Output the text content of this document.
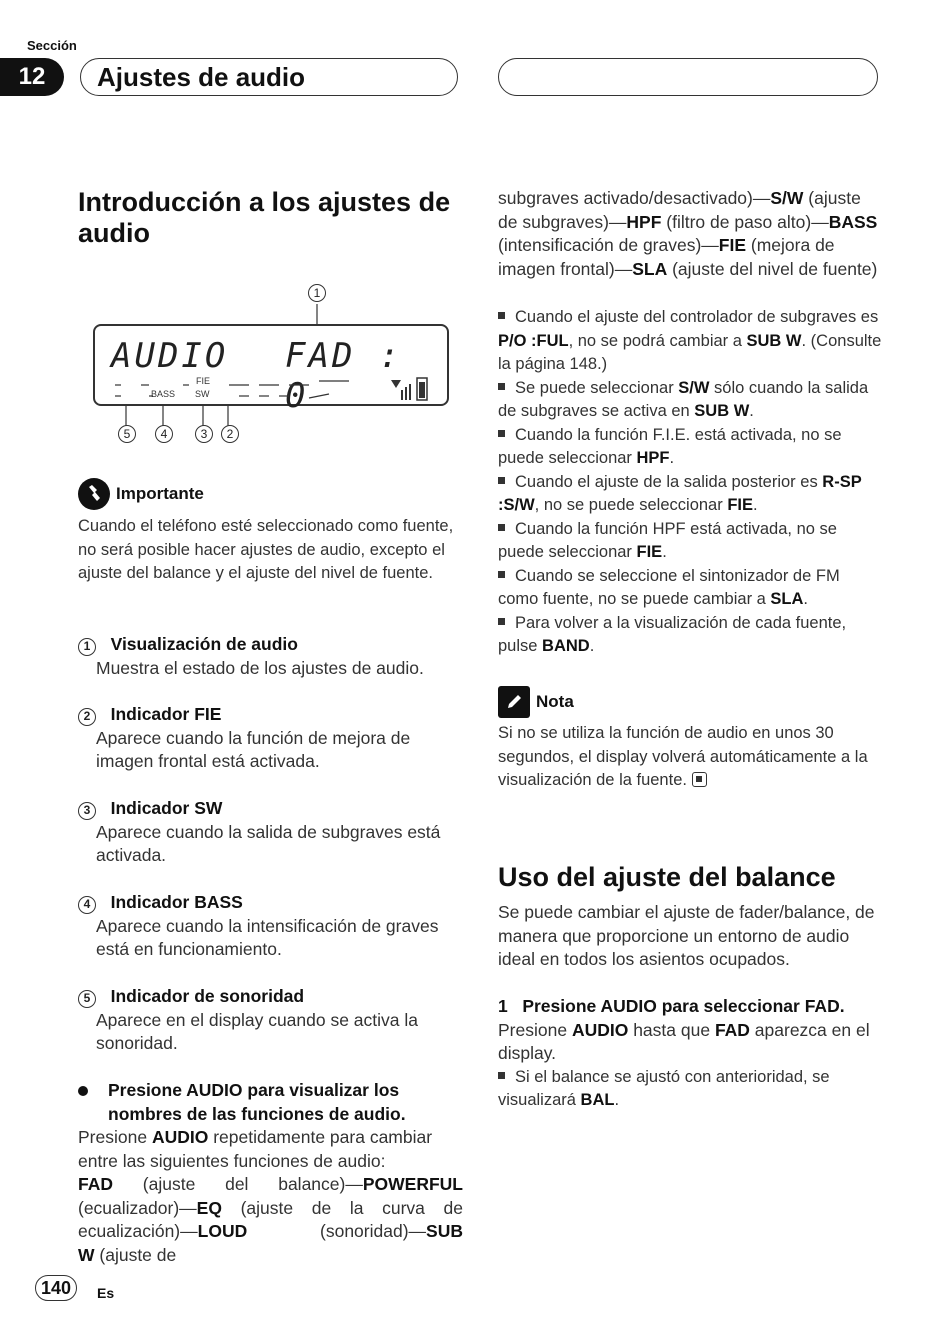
Sección
12	Ajustes de audio
Introducción a los ajustes de audio
1
AUDIO FAD : 0
BASS SW
FIE
5	4	3	2
Importante
Cuando el teléfono esté seleccionado como fuente, no será posible hacer ajustes de audio, excepto el ajuste del balance y el ajuste del nivel de fuente.
1 Visualización de audio
Muestra el estado de los ajustes de audio.
2 Indicador FIE
Aparece cuando la función de mejora de imagen frontal está activada.
3 Indicador SW
Aparece cuando la salida de subgraves está activada.
4 Indicador BASS
Aparece cuando la intensificación de graves está en funcionamiento.
5 Indicador de sonoridad
Aparece en el display cuando se activa la sonoridad.
Presione AUDIO para visualizar los nombres de las funciones de audio.
Presione AUDIO repetidamente para cambiar entre las siguientes funciones de audio:
FAD (ajuste del balance)—POWERFUL (ecualizador)—EQ (ajuste de la curva de ecualización)—LOUD (sonoridad)—SUB W (ajuste de
subgraves activado/desactivado)—S/W (ajuste de subgraves)—HPF (filtro de paso alto)—BASS (intensificación de graves)—FIE (mejora de imagen frontal)—SLA (ajuste del nivel de fuente)
Cuando el ajuste del controlador de subgraves es P/O :FUL, no se podrá cambiar a SUB W. (Consulte la página 148.)
Se puede seleccionar S/W sólo cuando la salida de subgraves se activa en SUB W.
Cuando la función F.I.E. está activada, no se puede seleccionar HPF.
Cuando el ajuste de la salida posterior es R-SP :S/W, no se puede seleccionar FIE.
Cuando la función HPF está activada, no se puede seleccionar FIE.
Cuando se seleccione el sintonizador de FM como fuente, no se puede cambiar a SLA.
Para volver a la visualización de cada fuente, pulse BAND.
Nota
Si no se utiliza la función de audio en unos 30 segundos, el display volverá automáticamente a la visualización de la fuente.
Uso del ajuste del balance
Se puede cambiar el ajuste de fader/balance, de manera que proporcione un entorno de audio ideal en todos los asientos ocupados.
1 Presione AUDIO para seleccionar FAD.
Presione AUDIO hasta que FAD aparezca en el display.
Si el balance se ajustó con anterioridad, se visualizará BAL.
140	Es
